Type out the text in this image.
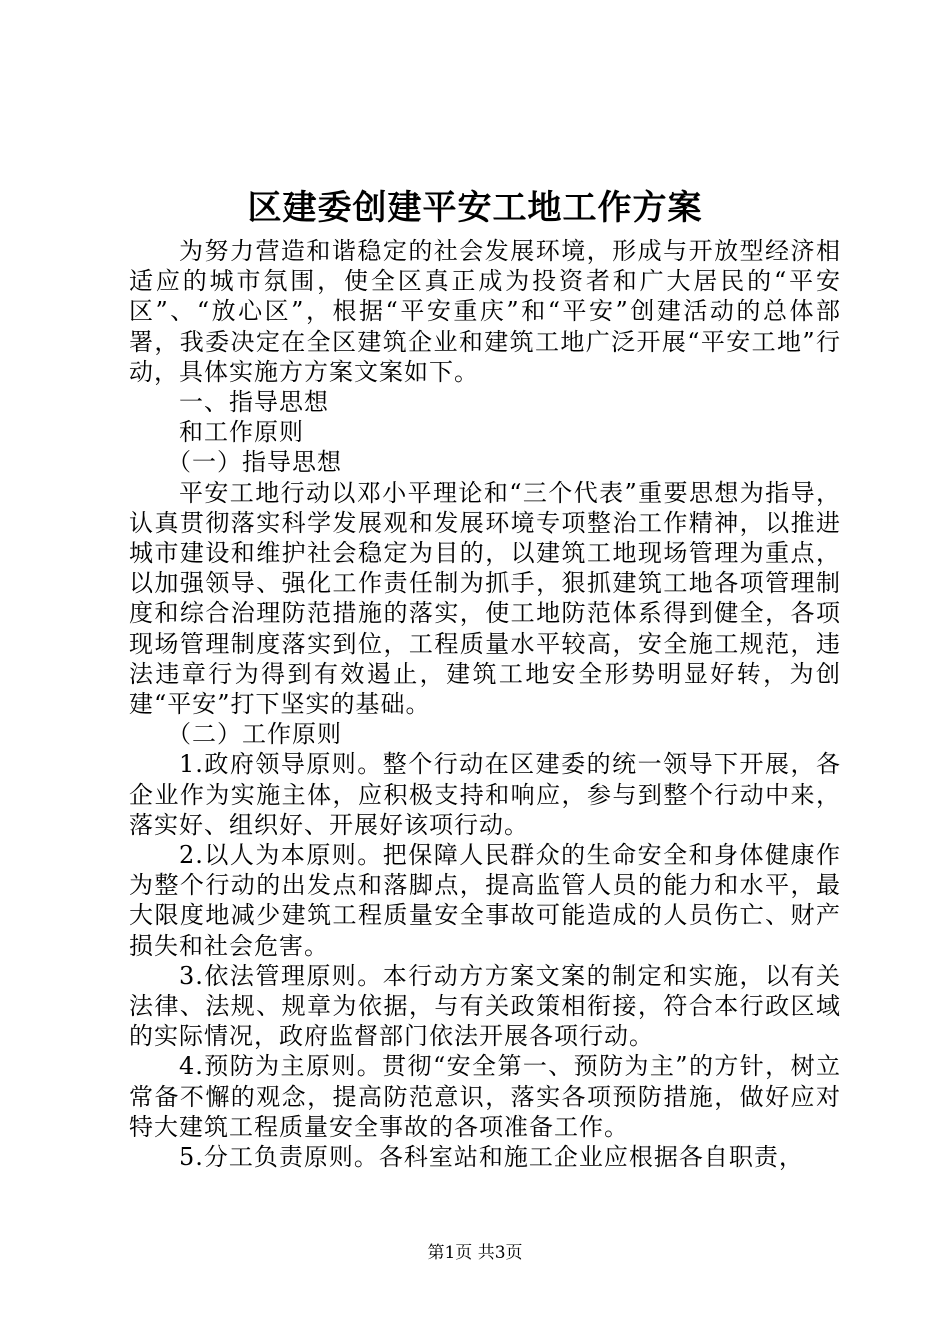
区建委创建平安工地工作方案

为努力营造和谐稳定的社会发展环境，形成与开放型经济相适应的城市氛围，使全区真正成为投资者和广大居民的“平安区”、“放心区”，根据“平安重庆”和“平安”创建活动的总体部署，我委决定在全区建筑企业和建筑工地广泛开展“平安工地”行动，具体实施方方案文案如下。

一、指导思想

和工作原则

（一）指导思想

平安工地行动以邓小平理论和“三个代表”重要思想为指导，认真贯彻落实科学发展观和发展环境专项整治工作精神，以推进城市建设和维护社会稳定为目的，以建筑工地现场管理为重点，以加强领导、强化工作责任制为抓手，狠抓建筑工地各项管理制度和综合治理防范措施的落实，使工地防范体系得到健全，各项现场管理制度落实到位，工程质量水平较高，安全施工规范，违法违章行为得到有效遏止，建筑工地安全形势明显好转，为创建“平安”打下坚实的基础。

（二）工作原则

1.政府领导原则。整个行动在区建委的统一领导下开展，各企业作为实施主体，应积极支持和响应，参与到整个行动中来，落实好、组织好、开展好该项行动。

2.以人为本原则。把保障人民群众的生命安全和身体健康作为整个行动的出发点和落脚点，提高监管人员的能力和水平，最大限度地减少建筑工程质量安全事故可能造成的人员伤亡、财产损失和社会危害。

3.依法管理原则。本行动方方案文案的制定和实施，以有关法律、法规、规章为依据，与有关政策相衔接，符合本行政区域的实际情况，政府监督部门依法开展各项行动。

4.预防为主原则。贯彻“安全第一、预防为主”的方针，树立常备不懈的观念，提高防范意识，落实各项预防措施，做好应对特大建筑工程质量安全事故的各项准备工作。

5.分工负责原则。各科室站和施工企业应根据各自职责，

第1页 共3页
